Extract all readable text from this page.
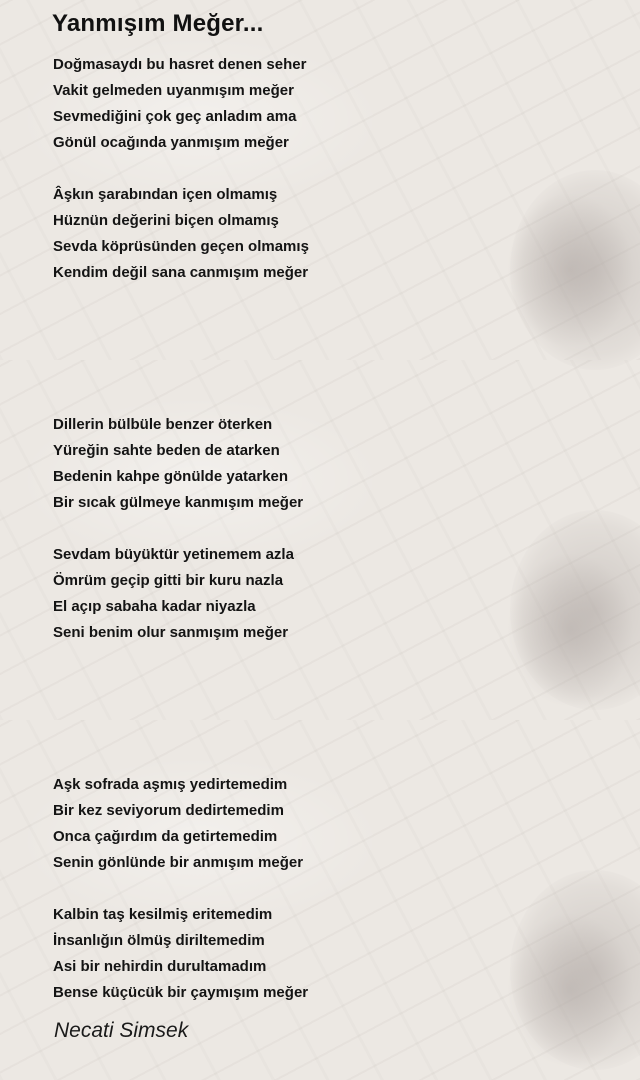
Yanmışım Meğer...
Doğmasaydı bu hasret denen seher
Vakit gelmeden uyanmışım meğer
Sevmediğini çok geç anladım ama
Gönül ocağında yanmışım meğer
Âşkın şarabından içen olmamış
Hüznün değerini biçen olmamış
Sevda köprüsünden geçen olmamış
Kendim değil sana canmışım meğer
Dillerin bülbüle benzer öterken
Yüreğin sahte beden de atarken
Bedenin kahpe gönülde yatarken
Bir sıcak gülmeye kanmışım meğer
Sevdam büyüktür yetinemem azla
Ömrüm geçip gitti bir kuru nazla
El açıp sabaha kadar niyazla
Seni benim olur sanmışım meğer
Aşk sofrada aşmış yedirtemedim
Bir kez seviyorum dedirtemedim
Onca çağırdım da getirtemedim
Senin gönlünde bir anmışım meğer
Kalbin taş kesilmiş eritemedim
İnsanlığın ölmüş diriltemedim
Asi bir nehirdin durultamadım
Bense küçücük bir çaymışım meğer
Necati Simsek
